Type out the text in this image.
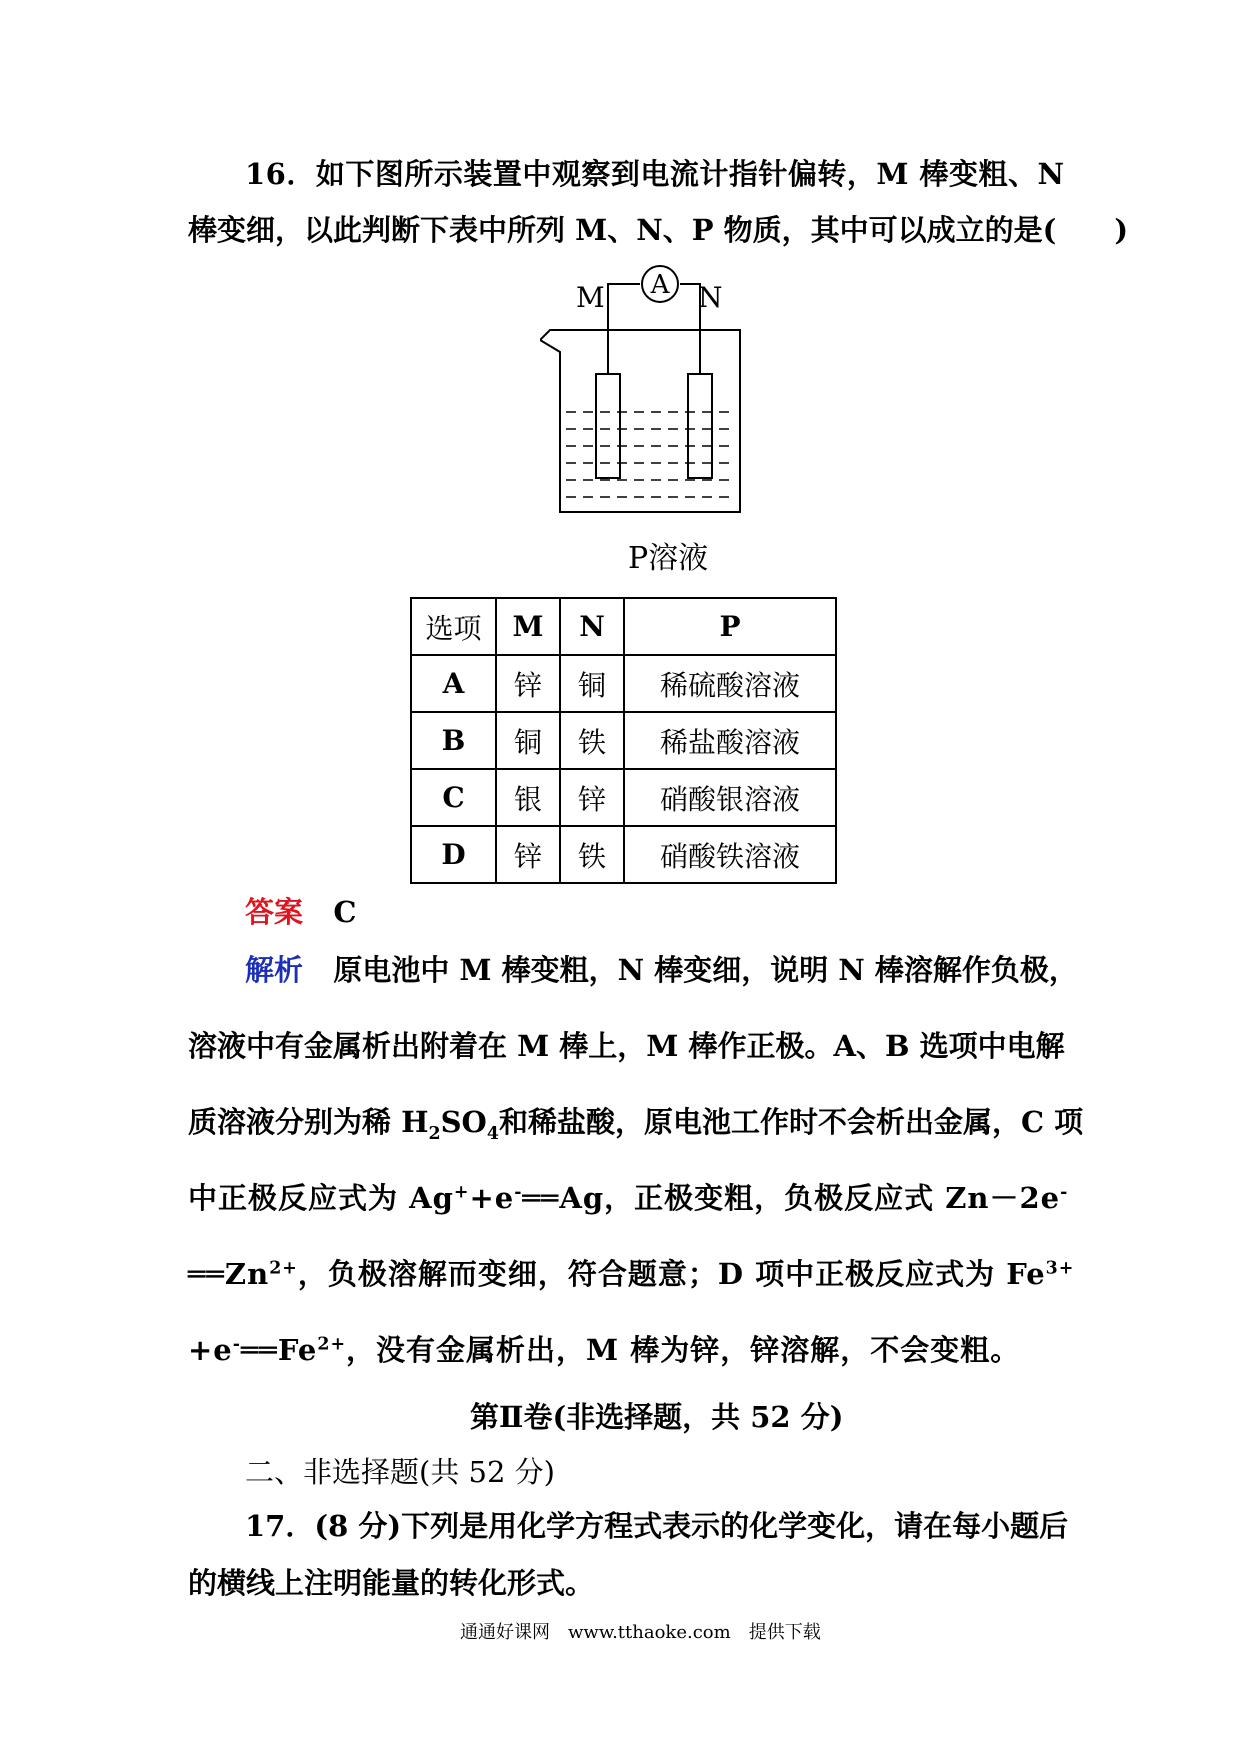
16．如下图所示装置中观察到电流计指针偏转，M 棒变粗、N
棒变细，以此判断下表中所列 M、N、P 物质，其中可以成立的是(　　)
A
M	N
P溶液
选项	M	N	P
A	锌	铜	稀硫酸溶液
B	铜	铁	稀盐酸溶液
C	银	锌	硝酸银溶液
D	锌	铁	硝酸铁溶液
答案 C
解析 原电池中 M 棒变粗，N 棒变细，说明 N 棒溶解作负极，
溶液中有金属析出附着在 M 棒上，M 棒作正极。A、B 选项中电解
质溶液分别为稀 $H_2SO_4$和稀盐酸，原电池工作时不会析出金属，C 项
中正极反应式为 Ag++e-══Ag，正极变粗，负极反应式 Zn－2e-
$══Zn^{2+}$，负极溶解而变细，符合题意；D 项中正极反应式为 $Fe^{3+}$
$+e^-══Fe^{2+}$，没有金属析出，M 棒为锌，锌溶解，不会变粗。
第Ⅱ卷(非选择题，共 52 分)
二、非选择题(共 52 分)
17．(8 分)下列是用化学方程式表示的化学变化，请在每小题后
的横线上注明能量的转化形式。
通通好课网　www.tthaoke.com　提供下载
